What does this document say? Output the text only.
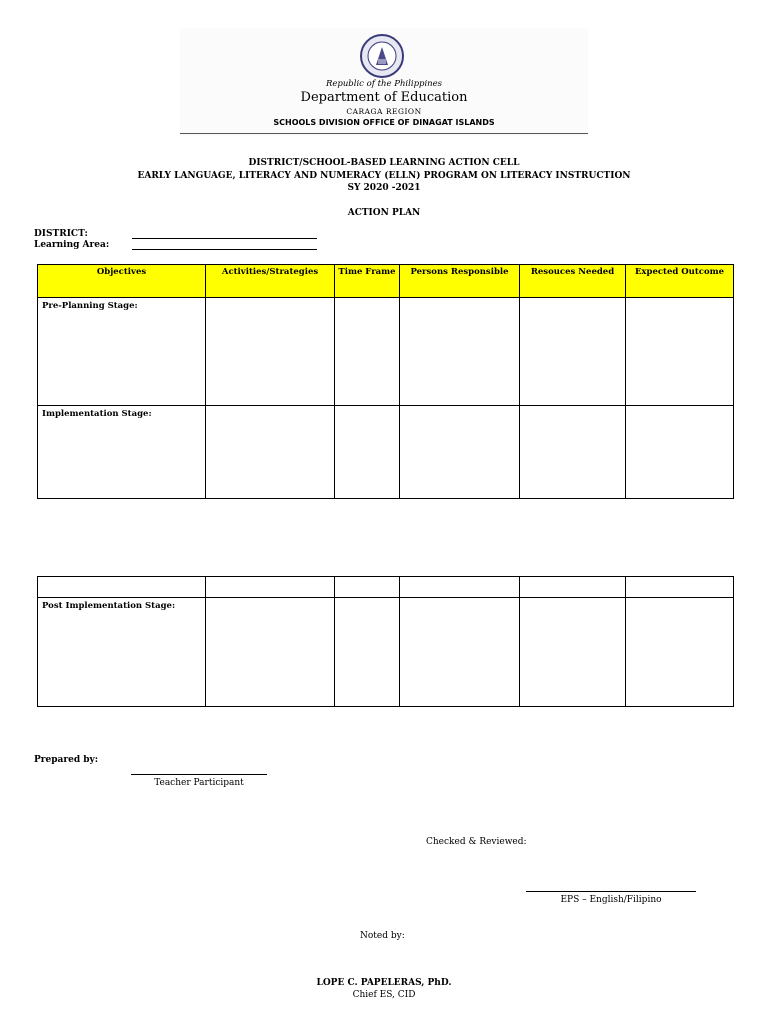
Republic of the Philippines
Department of Education
CARAGA REGION
SCHOOLS DIVISION OFFICE OF DINAGAT ISLANDS
DISTRICT/SCHOOL-BASED LEARNING ACTION CELL
EARLY LANGUAGE, LITERACY AND NUMERACY (ELLN) PROGRAM ON LITERACY INSTRUCTION
SY 2020 -2021
ACTION PLAN
DISTRICT:
Learning Area:
Objectives	Activities/Strategies	Time Frame	Persons Responsible	Resouces Needed	Expected Outcome
Pre-Planning Stage:					
Implementation Stage:					

Post Implementation Stage:					
Prepared by:
Teacher Participant
Checked & Reviewed:
EPS – English/Filipino
Noted by:
LOPE C. PAPELERAS, PhD.
Chief ES, CID
